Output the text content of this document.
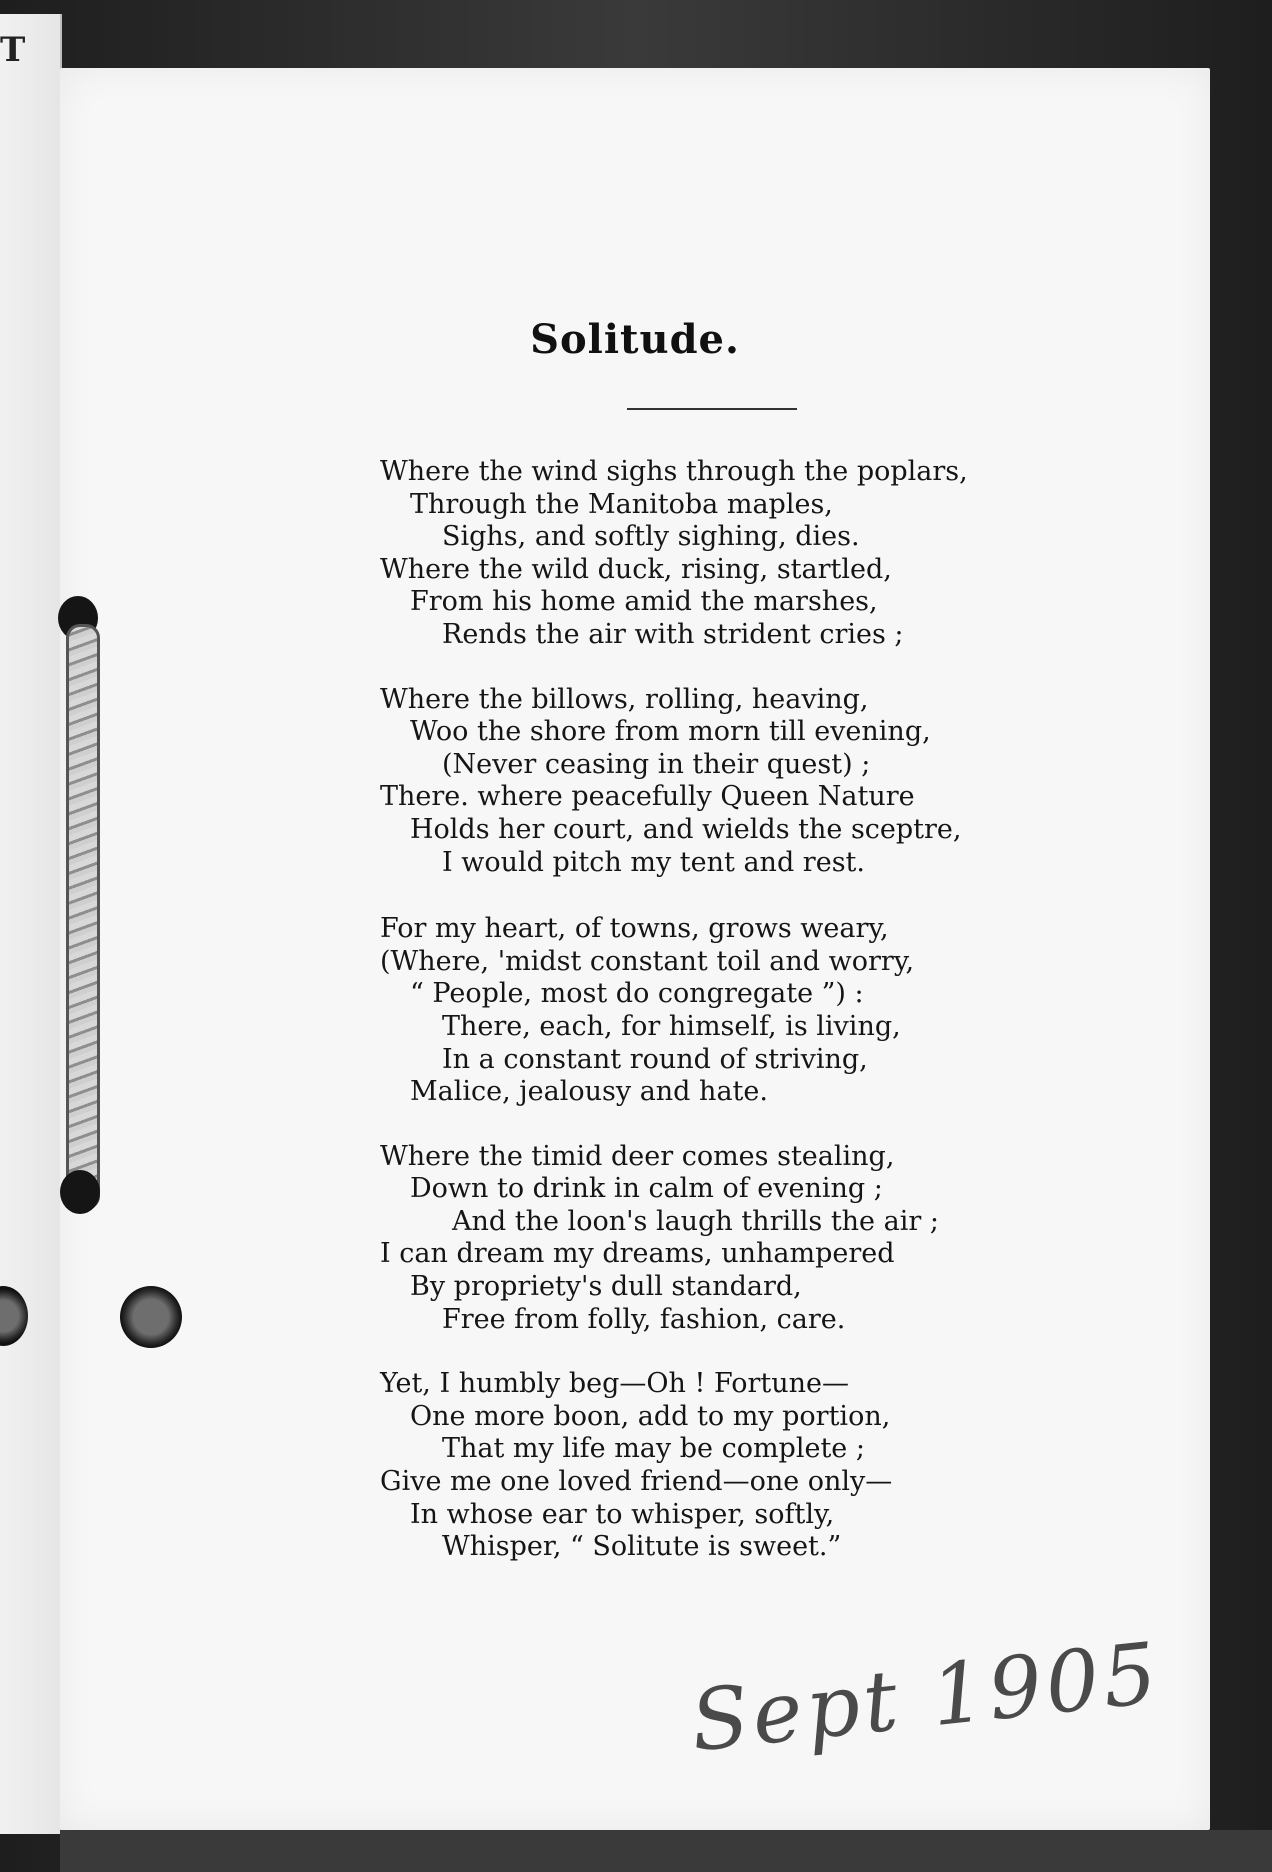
T
Solitude.
Where the wind sighs through the poplars,
Through the Manitoba maples,
Sighs, and softly sighing, dies.
Where the wild duck, rising, startled,
From his home amid the marshes,
Rends the air with strident cries ;
Where the billows, rolling, heaving,
Woo the shore from morn till evening,
(Never ceasing in their quest) ;
There. where peacefully Queen Nature
Holds her court, and wields the sceptre,
I would pitch my tent and rest.
For my heart, of towns, grows weary,
(Where, 'midst constant toil and worry,
“ People, most do congregate ”) :
There, each, for himself, is living,
In a constant round of striving,
Malice, jealousy and hate.
Where the timid deer comes stealing,
Down to drink in calm of evening ;
And the loon's laugh thrills the air ;
I can dream my dreams, unhampered
By propriety's dull standard,
Free from folly, fashion, care.
Yet, I humbly beg—Oh ! Fortune—
One more boon, add to my portion,
That my life may be complete ;
Give me one loved friend—one only—
In whose ear to whisper, softly,
Whisper, “ Solitute is sweet.”
Sept 1905
